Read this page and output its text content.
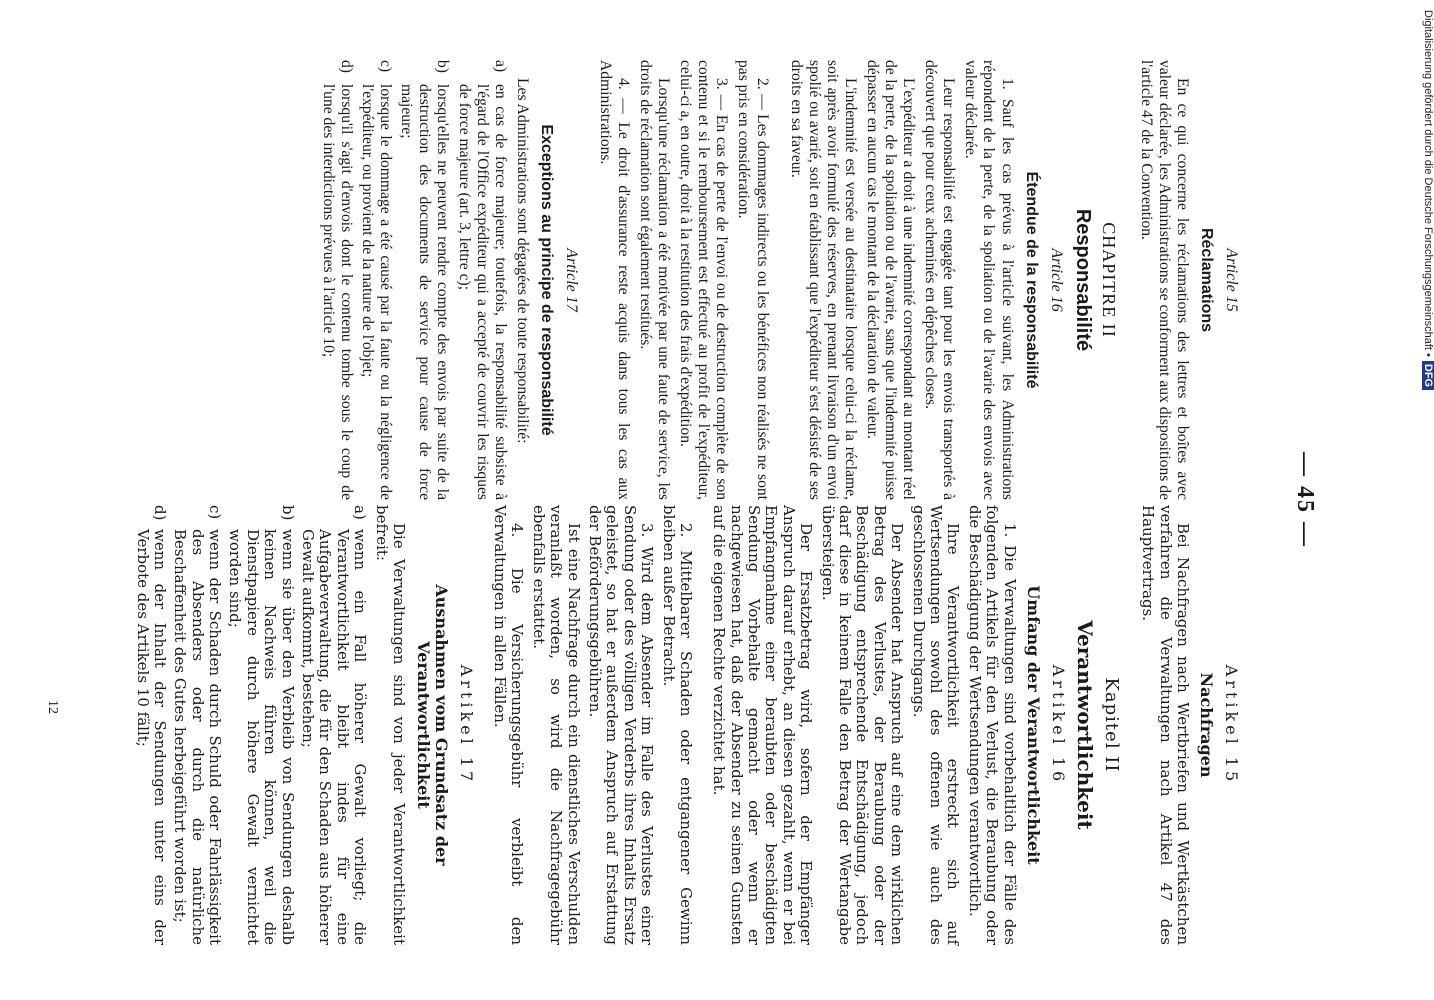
— 45 —
Article 15
Réclamations

En ce qui concerne les réclamations des lettres et boîtes avec valeur déclarée, les Administrations se conforment aux dispositions de l'article 47 de la Convention.

CHAPITRE II
Responsabilité
Article 16
Étendue de la responsabilité

1. Sauf les cas prévus à l'article suivant, les Administrations répondent de la perte, de la spoliation ou de l'avarie des envois avec valeur déclarée.

Leur responsabilité est engagée tant pour les envois transportés à découvert que pour ceux acheminés en dépêches closes.

L'expéditeur a droit à une indemnité correspondant au montant réel de la perte, de la spoliation ou de l'avarie, sans que l'indemnité puisse dépasser en aucun cas le montant de la déclaration de valeur.

L'indemnité est versée au destinataire lorsque celui-ci la réclame, soit après avoir formulé des réserves, en prenant livraison d'un envoi spolié ou avarié, soit en établissant que l'expéditeur s'est désisté de ses droits en sa faveur.

2. — Les dommages indirects ou les bénéfices non réalisés ne sont pas pris en considération.

3. — En cas de perte de l'envoi ou de destruction complète de son contenu et si le remboursement est effectué au profit de l'expéditeur, celui-ci a, en outre, droit à la restitution des frais d'expédition.

Lorsqu'une réclamation a été motivée par une faute de service, les droits de réclamation sont également restitués.

4. — Le droit d'assurance reste acquis dans tous les cas aux Administrations.

Article 17
Exceptions au principe de responsabilité

Les Administrations sont dégagées de toute responsabilité:

a)
en cas de force majeure; toutefois, la responsabilité subsiste à l'égard de l'Office expéditeur qui a accepté de couvrir les risques de force majeure (art. 3, lettre c);
b)
lorsqu'elles ne peuvent rendre compte des envois par suite de la destruction des documents de service pour cause de force majeure;
c)
lorsque le dommage a été causé par la faute ou la négligence de l'expéditeur, ou provient de la nature de l'objet;
d)
lorsqu'il s'agit d'envois dont le contenu tombe sous le coup de l'une des interdictions prévues à l'article 10;
Artikel 15
Nachfragen

Bei Nachfragen nach Wertbriefen und Wertkästchen verfahren die Verwaltungen nach Artikel 47 des Hauptvertrags.

Kapitel II
Verantwortlichkeit
Artikel 16
Umfang der Verantwortlichkeit

1. Die Verwaltungen sind vorbehaltlich der Fälle des folgenden Artikels für den Verlust, die Beraubung oder die Beschädigung der Wertsendungen verantwortlich.

Ihre Verantwortlichkeit erstreckt sich auf Wertsendungen sowohl des offenen wie auch des geschlossenen Durchgangs.

Der Absender hat Anspruch auf eine dem wirklichen Betrag des Verlustes, der Beraubung oder der Beschädigung entsprechende Entschädigung, jedoch darf diese in keinem Falle den Betrag der Wertangabe übersteigen.

Der Ersatzbetrag wird, sofern der Empfänger Anspruch darauf erhebt, an diesen gezahlt, wenn er bei Empfangnahme einer beraubten oder beschädigten Sendung Vorbehalte gemacht oder wenn er nachgewiesen hat, daß der Absender zu seinen Gunsten auf die eigenen Rechte verzichtet hat.

2. Mittelbarer Schaden oder entgangener Gewinn bleiben außer Betracht.

3. Wird dem Absender im Falle des Verlustes einer Sendung oder des völligen Verderbs ihres Inhalts Ersatz geleistet, so hat er außerdem Anspruch auf Erstattung der Beförderungsgebühren.

Ist eine Nachfrage durch ein dienstliches Verschulden veranlaßt worden, so wird die Nachfragegebühr ebenfalls erstattet.

4. Die Versicherungsgebühr verbleibt den Verwaltungen in allen Fällen.

Artikel 17
Ausnahmen vom Grundsatz der Verantwortlichkeit

Die Verwaltungen sind von jeder Verantwortlichkeit befreit:

a)
wenn ein Fall höherer Gewalt vorliegt; die Verantwortlichkeit bleibt indes für eine Aufgabeverwaltung, die für den Schaden aus höherer Gewalt aufkommt, bestehen;
b)
wenn sie über den Verbleib von Sendungen deshalb keinen Nachweis führen können, weil die Dienstpapiere durch höhere Gewalt vernichtet worden sind;
c)
wenn der Schaden durch Schuld oder Fahrlässigkeit des Absenders oder durch die natürliche Beschaffenheit des Gutes herbeigeführt worden ist;
d)
wenn der Inhalt der Sendungen unter eins der Verbote des Artikels 10 fällt;
12
Digitalisierung gefördert durch die Deutsche Forschungsgemeinschaft •DFG
